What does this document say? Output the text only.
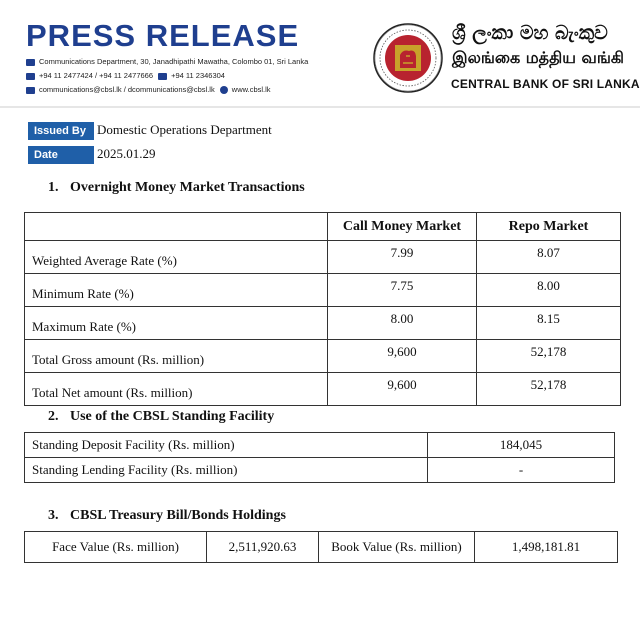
PRESS RELEASE
Communications Department, 30, Janadhipathi Mawatha, Colombo 01, Sri Lanka
+94 11 2477424 / +94 11 2477666 +94 11 2346304
communications@cbsl.lk / dcommunications@cbsl.lk www.cbsl.lk
ශ්‍රී ලංකා මහ බැංකුව
இலங்கை மத்திய வங்கி
CENTRAL BANK OF SRI LANKA
Issued By Domestic Operations Department
Date	2025.01.29
1. Overnight Money Market Transactions
	Call Money Market	Repo Market
Weighted Average Rate (%)	7.99	8.07
Minimum Rate (%)	7.75	8.00
Maximum Rate (%)	8.00	8.15
Total Gross amount (Rs. million)	9,600	52,178
Total Net amount (Rs. million)	9,600	52,178
2. Use of the CBSL Standing Facility
Standing Deposit Facility (Rs. million)	184,045
Standing Lending Facility (Rs. million)	-
3. CBSL Treasury Bill/Bonds Holdings
Face Value (Rs. million)	2,511,920.63	Book Value (Rs. million)	1,498,181.81
